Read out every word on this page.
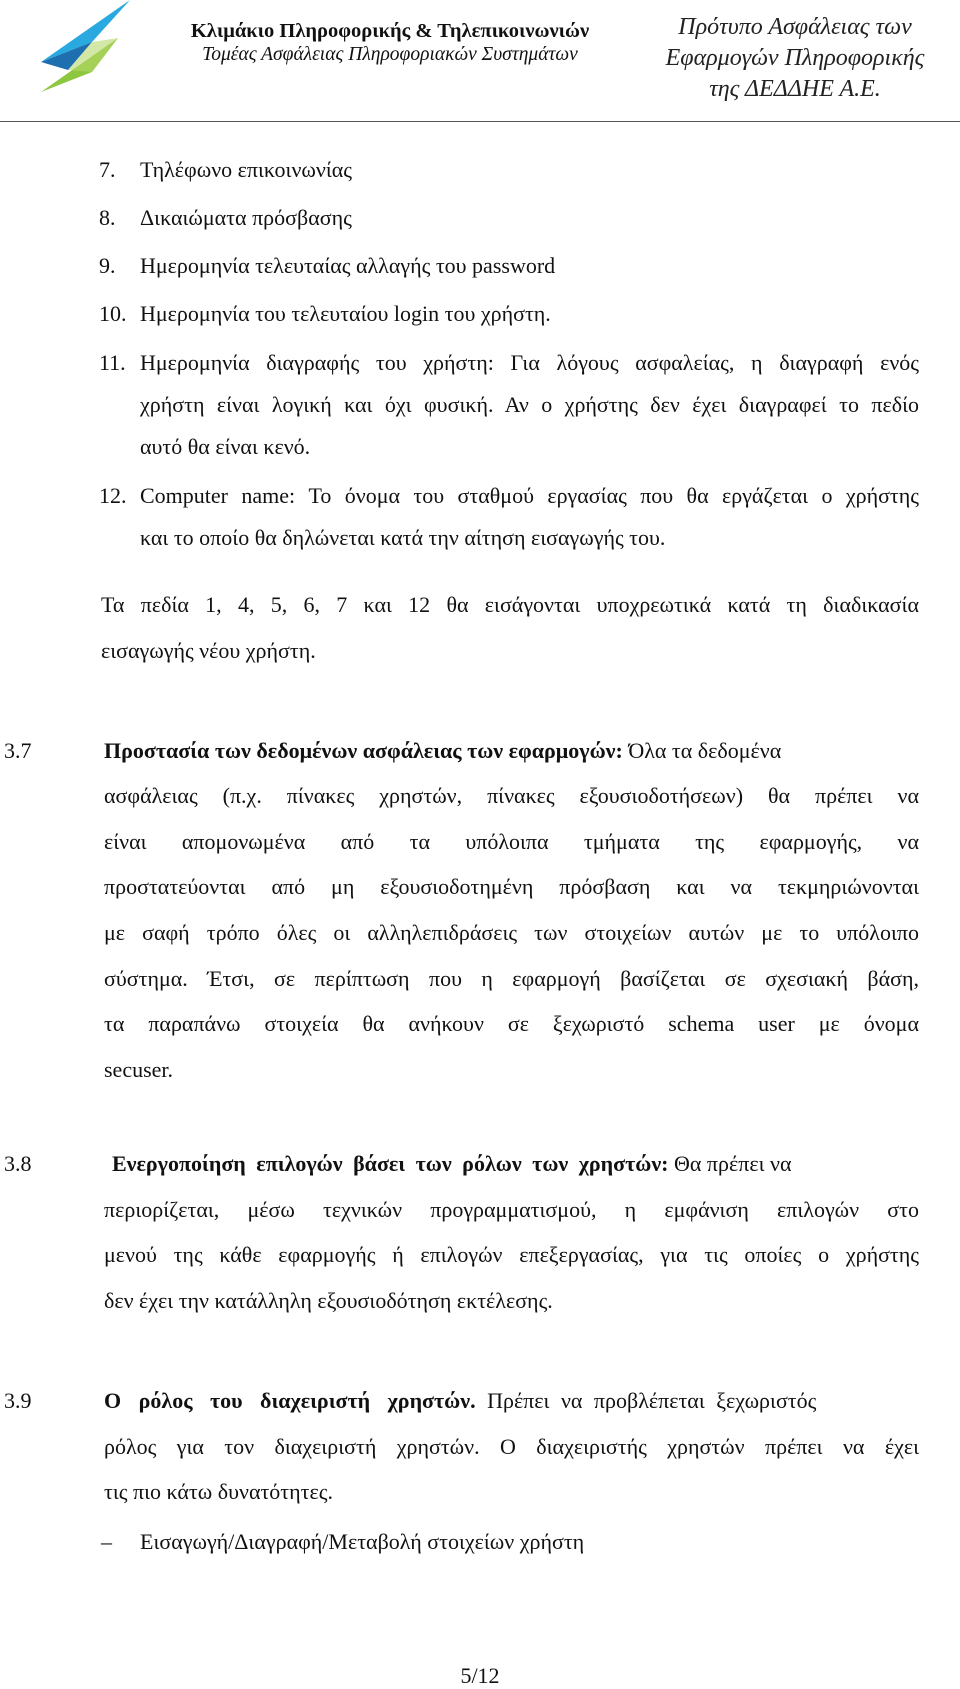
Κλιμάκιο Πληροφορικής & Τηλεπικοινωνιών
Τομέας Ασφάλειας Πληροφοριακών Συστημάτων
Πρότυπο Ασφάλειας των
Εφαρμογών Πληροφορικής
της ΔΕΔΔΗΕ Α.Ε.
7. Τηλέφωνο επικοινωνίας
8. Δικαιώματα πρόσβασης
9. Ημερομηνία τελευταίας αλλαγής του password
10. Ημερομηνία του τελευταίου login του χρήστη.
11. Ημερομηνία διαγραφής του χρήστη: Για λόγους ασφαλείας, η διαγραφή ενός
χρήστη είναι λογική και όχι φυσική. Αν ο χρήστης δεν έχει διαγραφεί το πεδίο
αυτό θα είναι κενό.
12. Computer name: Το όνομα του σταθμού εργασίας που θα εργάζεται ο χρήστης
και το οποίο θα δηλώνεται κατά την αίτηση εισαγωγής του.
Τα πεδία 1, 4, 5, 6, 7 και 12 θα εισάγονται υποχρεωτικά κατά τη διαδικασία
εισαγωγής νέου χρήστη.
3.7	Προστασία των δεδομένων ασφάλειας των εφαρμογών: Όλα τα δεδομένα
ασφάλειας (π.χ. πίνακες χρηστών, πίνακες εξουσιοδοτήσεων) θα πρέπει να
είναι απομονωμένα από τα υπόλοιπα τμήματα της εφαρμογής, να
προστατεύονται από μη εξουσιοδοτημένη πρόσβαση και να τεκμηριώνονται
με σαφή τρόπο όλες οι αλληλεπιδράσεις των στοιχείων αυτών με το υπόλοιπο
σύστημα. Έτσι, σε περίπτωση που η εφαρμογή βασίζεται σε σχεσιακή βάση,
τα παραπάνω στοιχεία θα ανήκουν σε ξεχωριστό schema user με όνομα
secuser.
3.8	Ενεργοποίηση επιλογών βάσει των ρόλων των χρηστών: Θα πρέπει να
περιορίζεται, μέσω τεχνικών προγραμματισμού, η εμφάνιση επιλογών στο
μενού της κάθε εφαρμογής ή επιλογών επεξεργασίας, για τις οποίες ο χρήστης
δεν έχει την κατάλληλη εξουσιοδότηση εκτέλεσης.
3.9	Ο ρόλος του διαχειριστή χρηστών. Πρέπει να προβλέπεται ξεχωριστός
ρόλος για τον διαχειριστή χρηστών. Ο διαχειριστής χρηστών πρέπει να έχει
τις πιο κάτω δυνατότητες.
– Εισαγωγή/Διαγραφή/Μεταβολή στοιχείων χρήστη
5/12
